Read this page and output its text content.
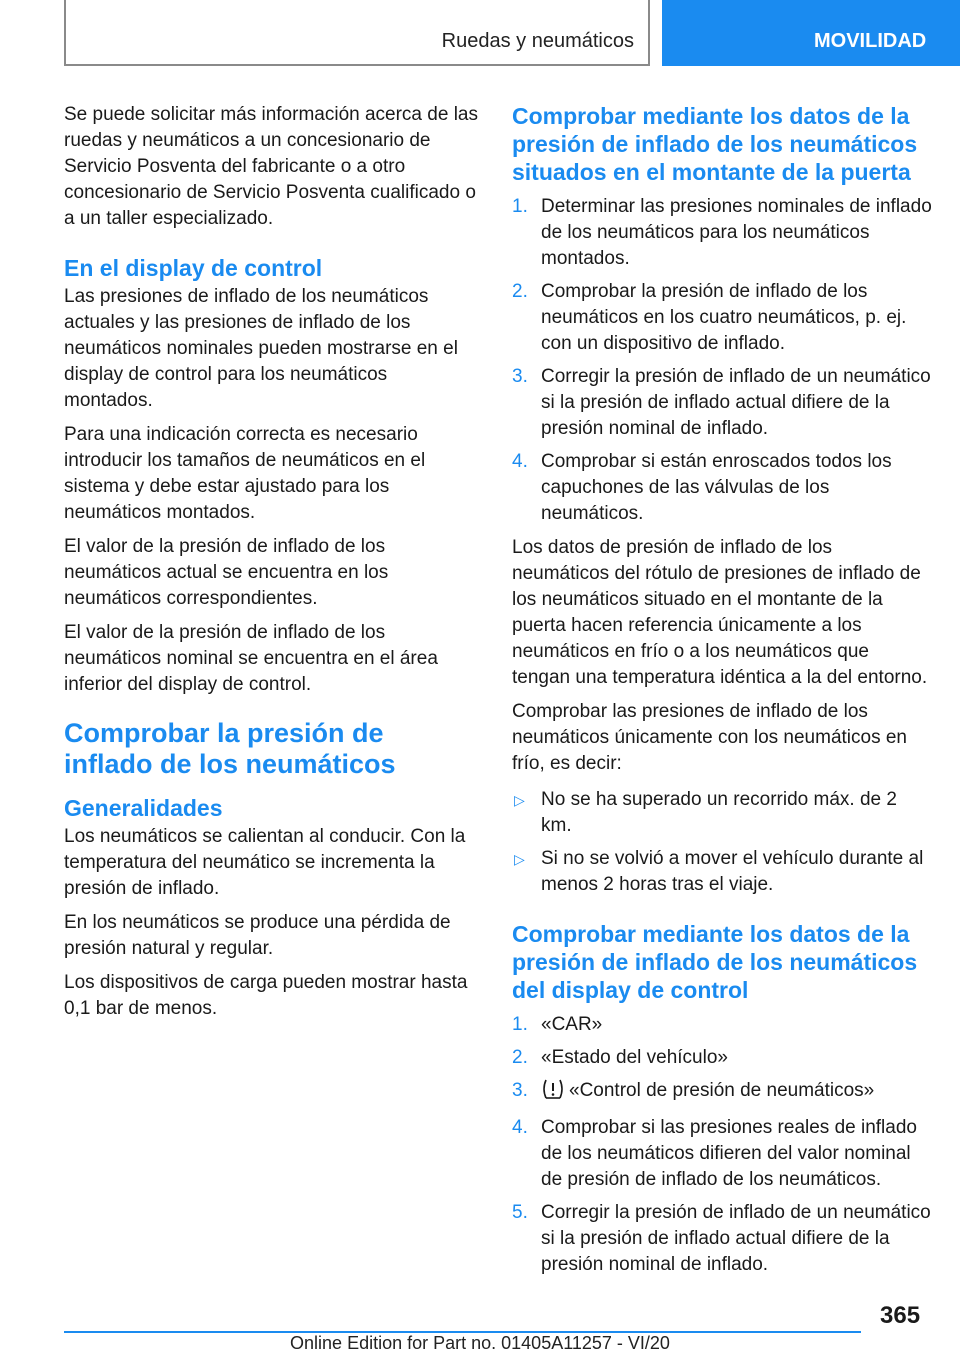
Ruedas y neumáticos	MOVILIDAD

Se puede solicitar más información acerca de las ruedas y neumáticos a un concesionario de Servicio Posventa del fabricante o a otro concesionario de Servicio Posventa cualificado o a un taller especializado.

En el display de control

Las presiones de inflado de los neumáticos actuales y las presiones de inflado de los neumáticos nominales pueden mostrarse en el display de control para los neumáticos montados.

Para una indicación correcta es necesario introducir los tamaños de neumáticos en el sistema y debe estar ajustado para los neumáticos montados.

El valor de la presión de inflado de los neumáticos actual se encuentra en los neumáticos correspondientes.

El valor de la presión de inflado de los neumáticos nominal se encuentra en el área inferior del display de control.

Comprobar la presión de inflado de los neumáticos
Generalidades

Los neumáticos se calientan al conducir. Con la temperatura del neumático se incrementa la presión de inflado.

En los neumáticos se produce una pérdida de presión natural y regular.

Los dispositivos de carga pueden mostrar hasta 0,1 bar de menos.

Comprobar mediante los datos de la presión de inflado de los neumáticos situados en el montante de la puerta
1. Determinar las presiones nominales de inflado de los neumáticos para los neumáticos montados.
2. Comprobar la presión de inflado de los neumáticos en los cuatro neumáticos, p. ej. con un dispositivo de inflado.
3. Corregir la presión de inflado de un neumático si la presión de inflado actual difiere de la presión nominal de inflado.
4. Comprobar si están enroscados todos los capuchones de las válvulas de los neumáticos.

Los datos de presión de inflado de los neumáticos del rótulo de presiones de inflado de los neumáticos situado en el montante de la puerta hacen referencia únicamente a los neumáticos en frío o a los neumáticos que tengan una temperatura idéntica a la del entorno.

Comprobar las presiones de inflado de los neumáticos únicamente con los neumáticos en frío, es decir:

▷ No se ha superado un recorrido máx. de 2 km.
▷ Si no se volvió a mover el vehículo durante al menos 2 horas tras el viaje.
Comprobar mediante los datos de la presión de inflado de los neumáticos del display de control
1. «CAR»
2. «Estado del vehículo»
3. «Control de presión de neumáticos»
4. Comprobar si las presiones reales de inflado de los neumáticos difieren del valor nominal de presión de inflado de los neumáticos.
5. Corregir la presión de inflado de un neumático si la presión de inflado actual difiere de la presión nominal de inflado.
365
Online Edition for Part no. 01405A11257 - VI/20
